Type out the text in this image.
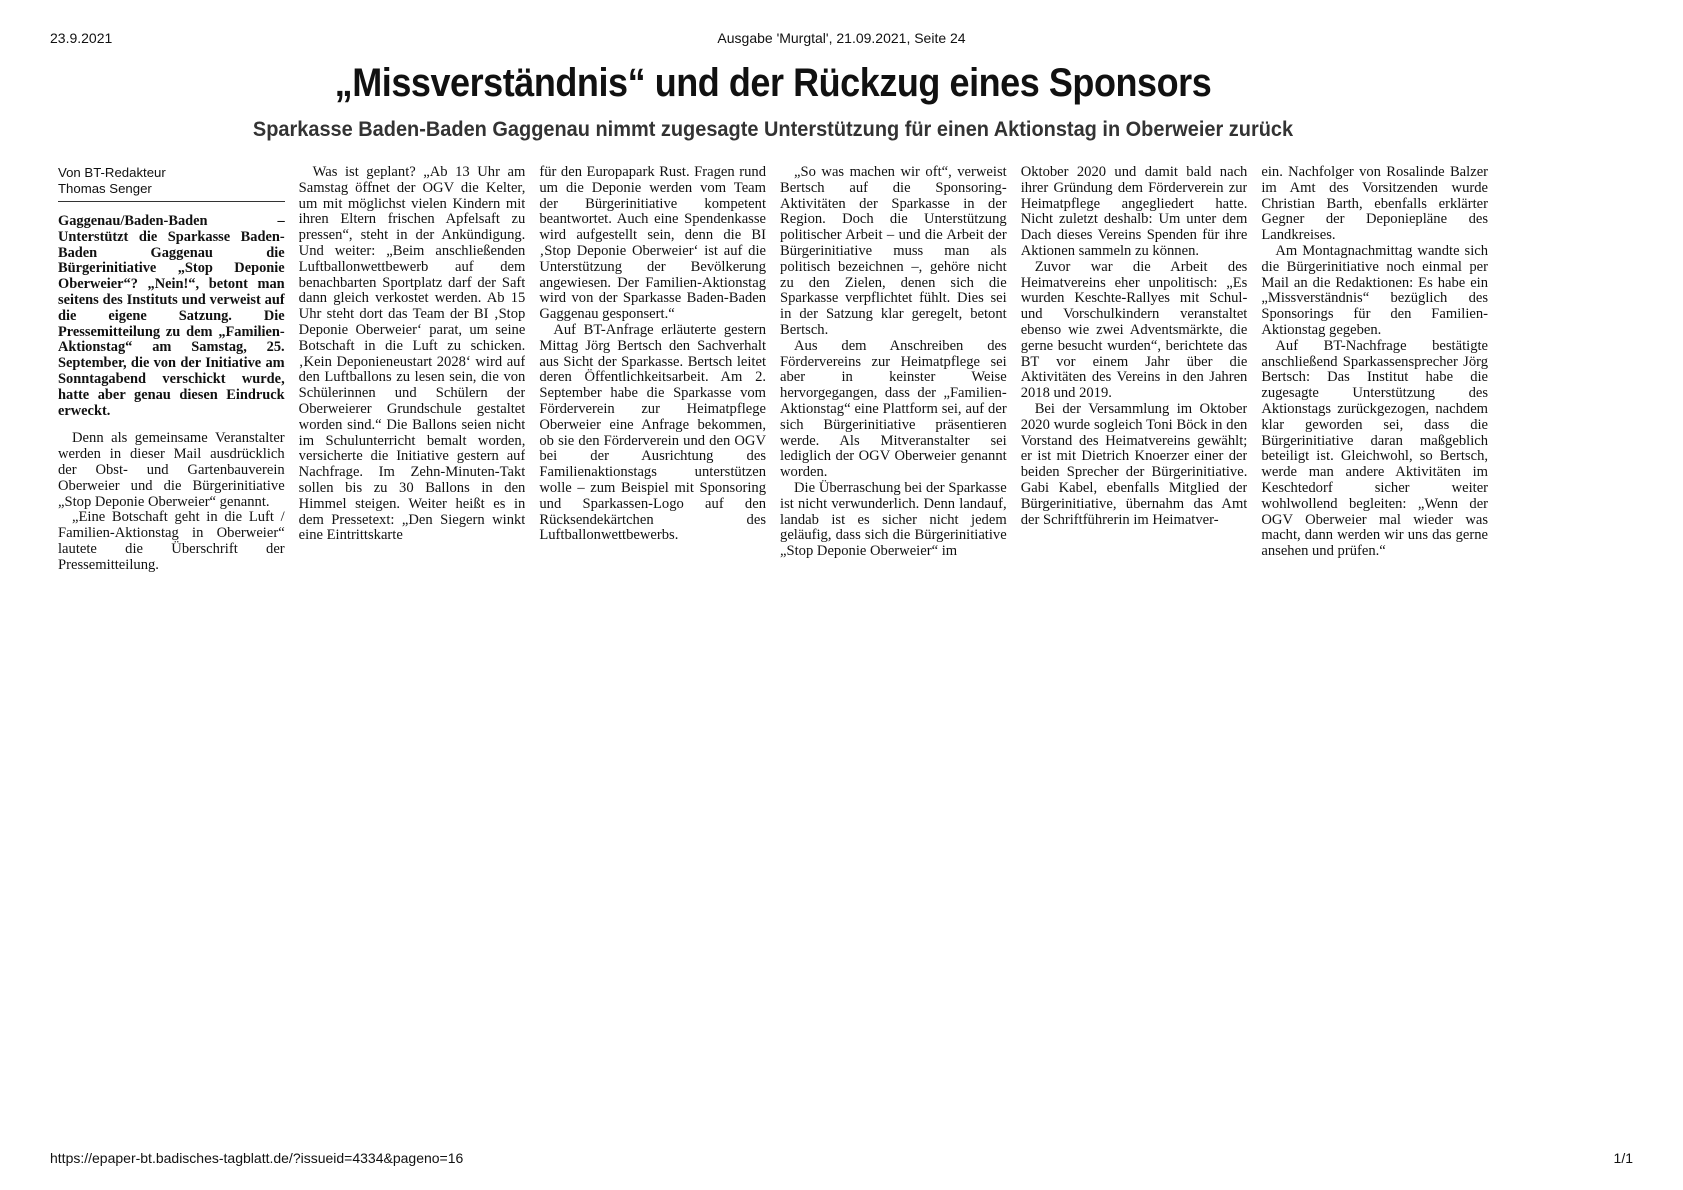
23.9.2021	Ausgabe 'Murgtal', 21.09.2021, Seite 24
„Missverständnis“ und der Rückzug eines Sponsors
Sparkasse Baden-Baden Gaggenau nimmt zugesagte Unterstützung für einen Aktionstag in Oberweier zurück
Von BT-Redakteur
Thomas Senger
Gaggenau/Baden-Baden – Unterstützt die Sparkasse Baden-Baden Gaggenau die Bürgerinitiative „Stop Deponie Oberweier“? „Nein!“, betont man seitens des Instituts und verweist auf die eigene Satzung. Die Pressemitteilung zu dem „Familien-Aktionstag“ am Samstag, 25. September, die von der Initiative am Sonntagabend verschickt wurde, hatte aber genau diesen Eindruck erweckt.

Denn als gemeinsame Veranstalter werden in dieser Mail ausdrücklich der Obst- und Gartenbauverein Oberweier und die Bürgerinitiative „Stop Deponie Oberweier“ genannt.

„Eine Botschaft geht in die Luft / Familien-Aktionstag in Oberweier“ lautete die Überschrift der Pressemitteilung.

Was ist geplant? „Ab 13 Uhr am Samstag öffnet der OGV die Kelter, um mit möglichst vielen Kindern mit ihren Eltern frischen Apfelsaft zu pressen“, steht in der Ankündigung. Und weiter: „Beim anschließenden Luftballonwettbewerb auf dem benachbarten Sportplatz darf der Saft dann gleich verkostet werden. Ab 15 Uhr steht dort das Team der BI ‚Stop Deponie Oberweier‘ parat, um seine Botschaft in die Luft zu schicken. ‚Kein Deponieneustart 2028‘ wird auf den Luftballons zu lesen sein, die von Schülerinnen und Schülern der Oberweierer Grundschule gestaltet worden sind.“ Die Ballons seien nicht im Schulunterricht bemalt worden, versicherte die Initiative gestern auf Nachfrage. Im Zehn-Minuten-Takt sollen bis zu 30 Ballons in den Himmel steigen. Weiter heißt es in dem Pressetext: „Den Siegern winkt eine Eintrittskarte

für den Europapark Rust. Fragen rund um die Deponie werden vom Team der Bürgerinitiative kompetent beantwortet. Auch eine Spendenkasse wird aufgestellt sein, denn die BI ‚Stop Deponie Oberweier‘ ist auf die Unterstützung der Bevölkerung angewiesen. Der Familien-Aktionstag wird von der Sparkasse Baden-Baden Gaggenau gesponsert.“

Auf BT-Anfrage erläuterte gestern Mittag Jörg Bertsch den Sachverhalt aus Sicht der Sparkasse. Bertsch leitet deren Öffentlichkeitsarbeit. Am 2. September habe die Sparkasse vom Förderverein zur Heimatpflege Oberweier eine Anfrage bekommen, ob sie den Förderverein und den OGV bei der Ausrichtung des Familienaktionstags unterstützen wolle – zum Beispiel mit Sponsoring und Sparkassen-Logo auf den Rücksendekärtchen des Luftballonwettbewerbs.

„So was machen wir oft“, verweist Bertsch auf die Sponsoring-Aktivitäten der Sparkasse in der Region. Doch die Unterstützung politischer Arbeit – und die Arbeit der Bürgerinitiative muss man als politisch bezeichnen –, gehöre nicht zu den Zielen, denen sich die Sparkasse verpflichtet fühlt. Dies sei in der Satzung klar geregelt, betont Bertsch.

Aus dem Anschreiben des Fördervereins zur Heimatpflege sei aber in keinster Weise hervorgegangen, dass der „Familien-Aktionstag“ eine Plattform sei, auf der sich Bürgerinitiative präsentieren werde. Als Mitveranstalter sei lediglich der OGV Oberweier genannt worden.

Die Überraschung bei der Sparkasse ist nicht verwunderlich. Denn landauf, landab ist es sicher nicht jedem geläufig, dass sich die Bürgerinitiative „Stop Deponie Oberweier“ im

Oktober 2020 und damit bald nach ihrer Gründung dem Förderverein zur Heimatpflege angegliedert hatte. Nicht zuletzt deshalb: Um unter dem Dach dieses Vereins Spenden für ihre Aktionen sammeln zu können.

Zuvor war die Arbeit des Heimatvereins eher unpolitisch: „Es wurden Keschte-Rallyes mit Schul- und Vorschulkindern veranstaltet ebenso wie zwei Adventsmärkte, die gerne besucht wurden“, berichtete das BT vor einem Jahr über die Aktivitäten des Vereins in den Jahren 2018 und 2019.

Bei der Versammlung im Oktober 2020 wurde sogleich Toni Böck in den Vorstand des Heimatvereins gewählt; er ist mit Dietrich Knoerzer einer der beiden Sprecher der Bürgerinitiative. Gabi Kabel, ebenfalls Mitglied der Bürgerinitiative, übernahm das Amt der Schriftführerin im Heimatver-

ein. Nachfolger von Rosalinde Balzer im Amt des Vorsitzenden wurde Christian Barth, ebenfalls erklärter Gegner der Deponiepläne des Landkreises.

Am Montagnachmittag wandte sich die Bürgerinitiative noch einmal per Mail an die Redaktionen: Es habe ein „Missverständnis“ bezüglich des Sponsorings für den Familien-Aktionstag gegeben.

Auf BT-Nachfrage bestätigte anschließend Sparkassensprecher Jörg Bertsch: Das Institut habe die zugesagte Unterstützung des Aktionstags zurückgezogen, nachdem klar geworden sei, dass die Bürgerinitiative daran maßgeblich beteiligt ist. Gleichwohl, so Bertsch, werde man andere Aktivitäten im Keschtedorf sicher weiter wohlwollend begleiten: „Wenn der OGV Oberweier mal wieder was macht, dann werden wir uns das gerne ansehen und prüfen.“

https://epaper-bt.badisches-tagblatt.de/?issueid=4334&pageno=16	1/1
